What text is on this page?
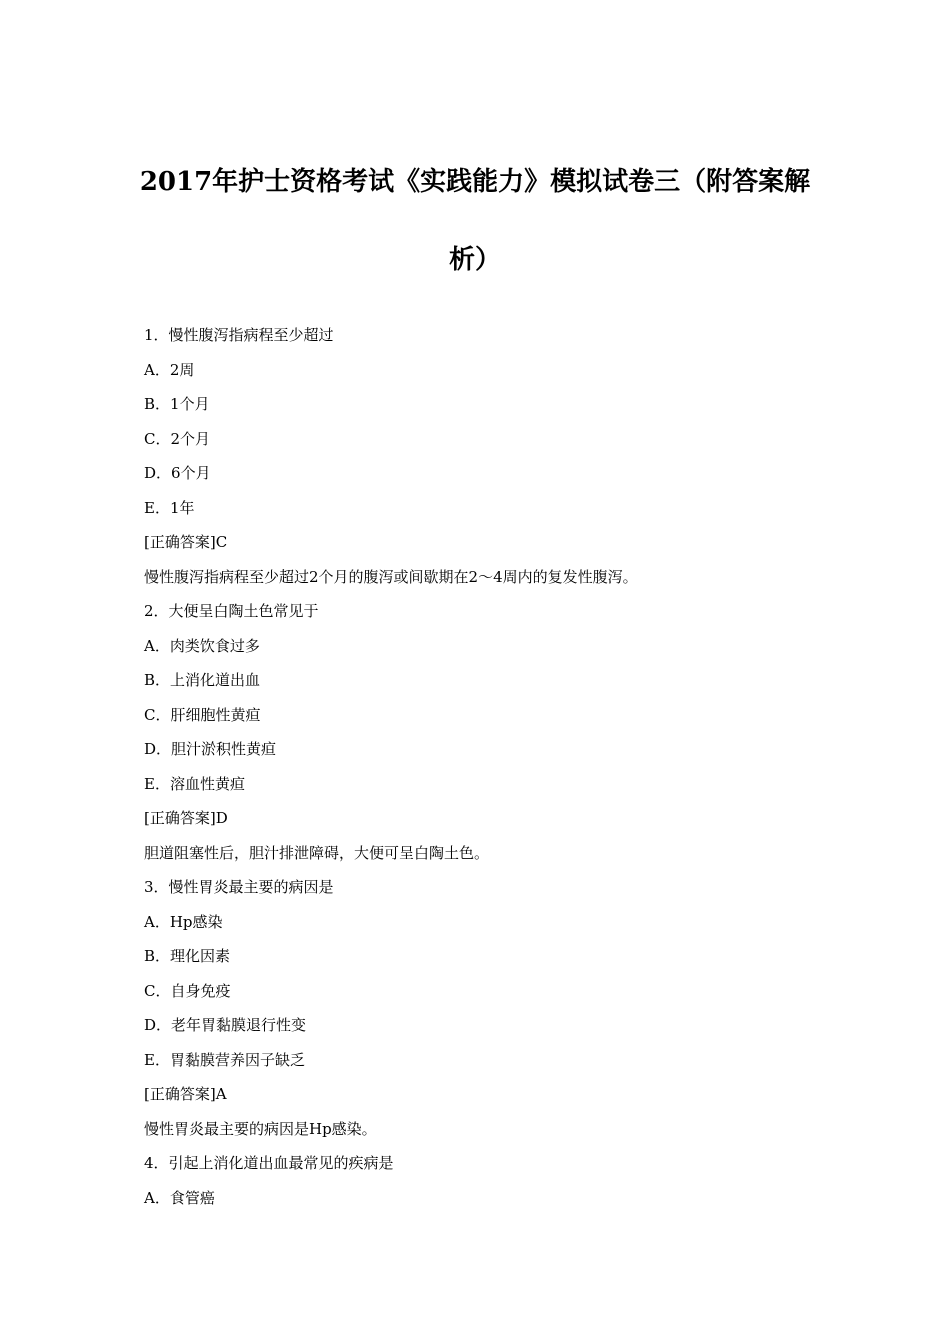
2017年护士资格考试《实践能力》模拟试卷三（附答案解
析）
1．慢性腹泻指病程至少超过
A．2周
B．1个月
C．2个月
D．6个月
E．1年
[正确答案]C
慢性腹泻指病程至少超过2个月的腹泻或间歇期在2～4周内的复发性腹泻。
2．大便呈白陶土色常见于
A．肉类饮食过多
B．上消化道出血
C．肝细胞性黄疸
D．胆汁淤积性黄疸
E．溶血性黄疸
[正确答案]D
胆道阻塞性后，胆汁排泄障碍，大便可呈白陶土色。
3．慢性胃炎最主要的病因是
A．Hp感染
B．理化因素
C．自身免疫
D．老年胃黏膜退行性变
E．胃黏膜营养因子缺乏
[正确答案]A
慢性胃炎最主要的病因是Hp感染。
4．引起上消化道出血最常见的疾病是
A．食管癌
